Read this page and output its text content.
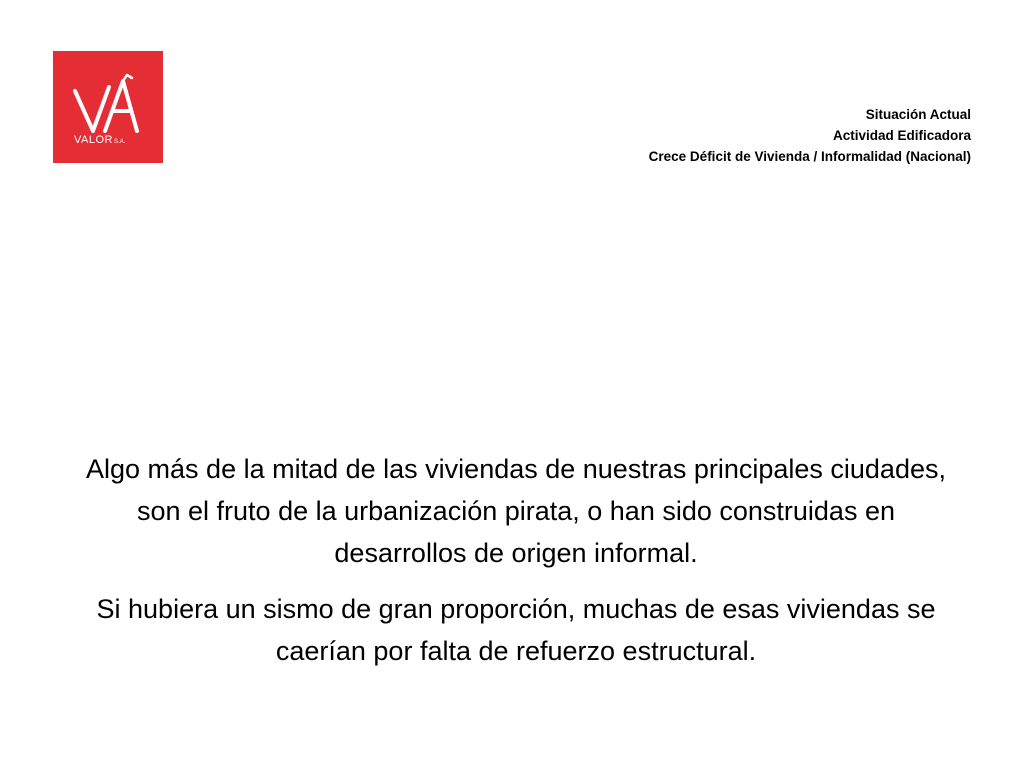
VALORS.A.
Situación Actual
Actividad Edificadora
Crece Déficit de Vivienda / Informalidad (Nacional)

Algo más de la mitad de las viviendas de nuestras principales ciudades, son el fruto de la urbanización pirata, o han sido construidas en desarrollos de origen informal.

Si hubiera un sismo de gran proporción, muchas de esas viviendas se caerían por falta de refuerzo estructural.
